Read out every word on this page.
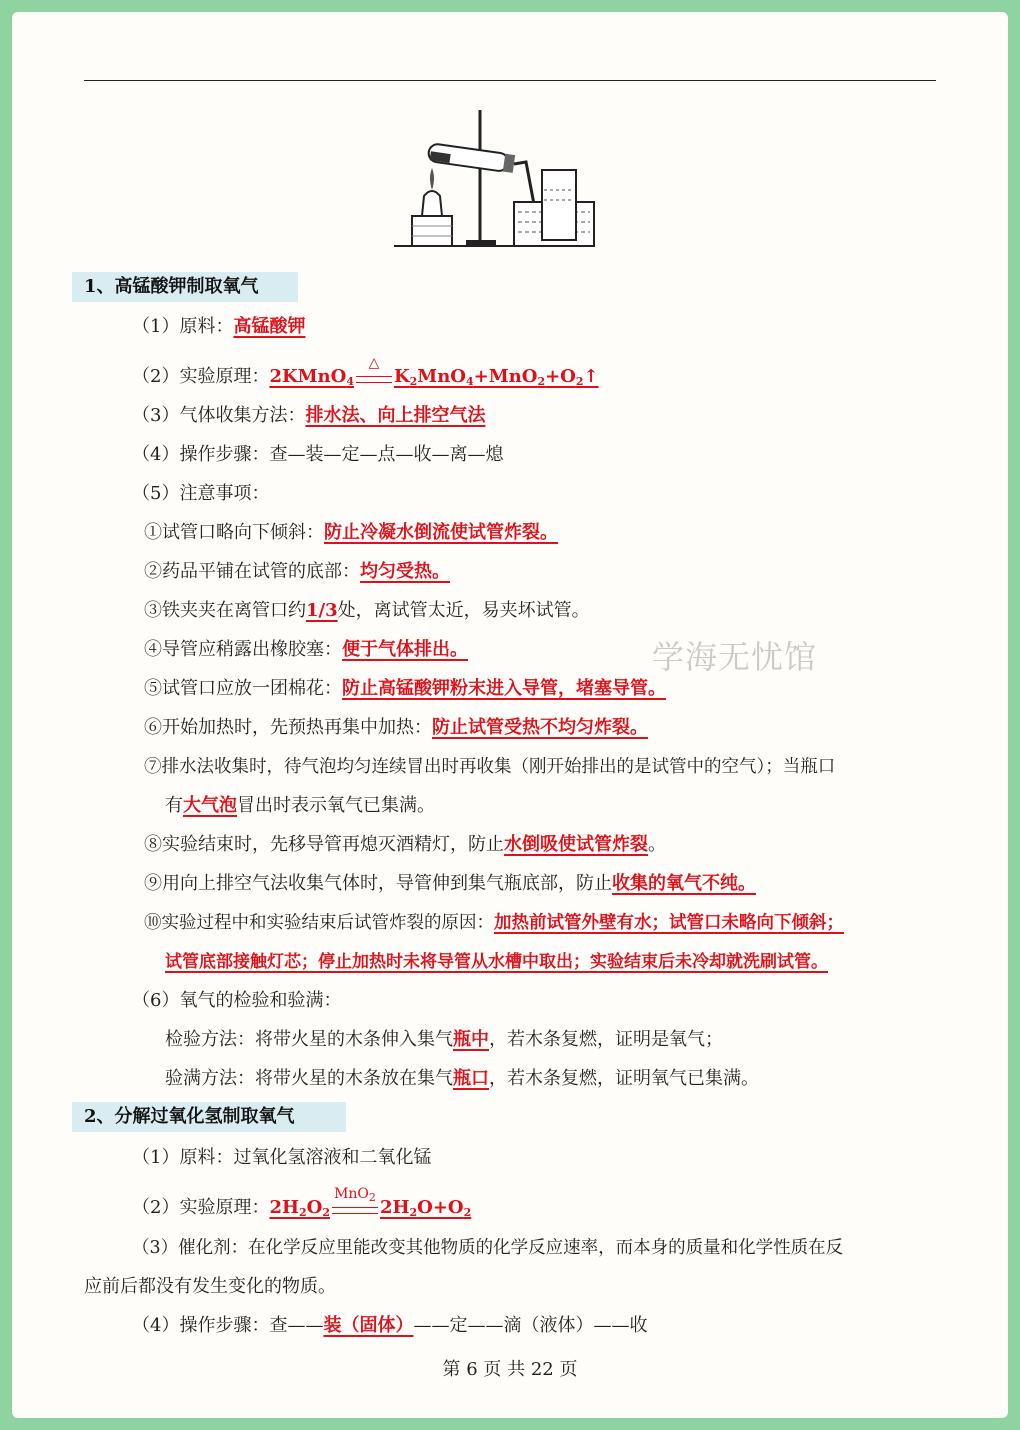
1、高锰酸钾制取氧气
（1）原料：高锰酸钾
（2）实验原理：2KMnO$_4$
△
$K_2MnO_4+MnO_2+O_2↑$
（3）气体收集方法：排水法、向上排空气法
（4）操作步骤：查—装—定—点—收—离—熄
（5）注意事项：
①试管口略向下倾斜：防止冷凝水倒流使试管炸裂。
②药品平铺在试管的底部：均匀受热。
③铁夹夹在离管口约1/3处，离试管太近，易夹坏试管。
④导管应稍露出橡胶塞：便于气体排出。
⑤试管口应放一团棉花：防止高锰酸钾粉末进入导管，堵塞导管。
⑥开始加热时，先预热再集中加热：防止试管受热不均匀炸裂。
⑦排水法收集时，待气泡均匀连续冒出时再收集（刚开始排出的是试管中的空气）；当瓶口
有大气泡冒出时表示氧气已集满。
⑧实验结束时，先移导管再熄灭酒精灯，防止水倒吸使试管炸裂。
⑨用向上排空气法收集气体时，导管伸到集气瓶底部，防止收集的氧气不纯。
⑩实验过程中和实验结束后试管炸裂的原因：加热前试管外壁有水；试管口未略向下倾斜；
试管底部接触灯芯；停止加热时未将导管从水槽中取出；实验结束后未冷却就洗刷试管。
（6）氧气的检验和验满：
检验方法：将带火星的木条伸入集气瓶中，若木条复燃，证明是氧气；
验满方法：将带火星的木条放在集气瓶口，若木条复燃，证明氧气已集满。
2、分解过氧化氢制取氧气
（1）原料：过氧化氢溶液和二氧化锰
（2）实验原理：$2H_2O_2$
MnO$_2$ $2H_2O+O_2$
（3）催化剂：在化学反应里能改变其他物质的化学反应速率，而本身的质量和化学性质在反
应前后都没有发生变化的物质。
（4）操作步骤：查——装（固体）——定——滴（液体）——收
学海无忧馆
第 6 页 共 22 页
